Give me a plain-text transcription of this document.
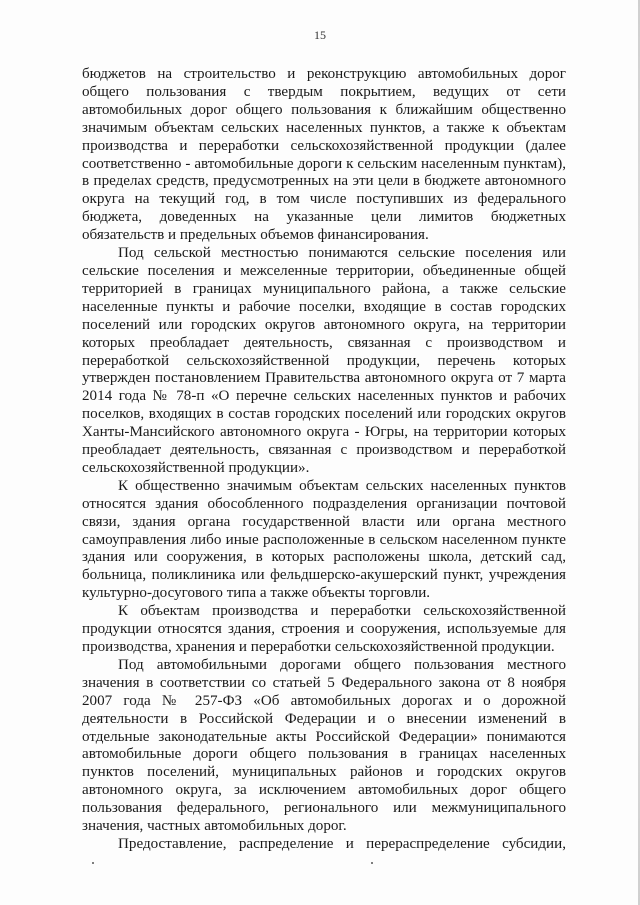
15

бюджетов на строительство и реконструкцию автомобильных дорог общего пользования с твердым покрытием, ведущих от сети автомобильных дорог общего пользования к ближайшим общественно значимым объектам сельских населенных пунктов, а также к объектам производства и переработки сельскохозяйственной продукции (далее соответственно - автомобильные дороги к сельским населенным пунктам), в пределах средств, предусмотренных на эти цели в бюджете автономного округа на текущий год, в том числе поступивших из федерального бюджета, доведенных на указанные цели лимитов бюджетных обязательств и предельных объемов финансирования.

Под сельской местностью понимаются сельские поселения или сельские поселения и межселенные территории, объединенные общей территорией в границах муниципального района, а также сельские населенные пункты и рабочие поселки, входящие в состав городских поселений или городских округов автономного округа, на территории которых преобладает деятельность, связанная с производством и переработкой сельскохозяйственной продукции, перечень которых утвержден постановлением Правительства автономного округа от 7 марта 2014 года № 78-п «О перечне сельских населенных пунктов и рабочих поселков, входящих в состав городских поселений или городских округов Ханты-Мансийского автономного округа - Югры, на территории которых преобладает деятельность, связанная с производством и переработкой сельскохозяйственной продукции».

К общественно значимым объектам сельских населенных пунктов относятся здания обособленного подразделения организации почтовой связи, здания органа государственной власти или органа местного самоуправления либо иные расположенные в сельском населенном пункте здания или сооружения, в которых расположены школа, детский сад, больница, поликлиника или фельдшерско-акушерский пункт, учреждения культурно-досугового типа а также объекты торговли.

К объектам производства и переработки сельскохозяйственной продукции относятся здания, строения и сооружения, используемые для производства, хранения и переработки сельскохозяйственной продукции.

Под автомобильными дорогами общего пользования местного значения в соответствии со статьей 5 Федерального закона от 8 ноября 2007 года № 257-ФЗ «Об автомобильных дорогах и о дорожной деятельности в Российской Федерации и о внесении изменений в отдельные законодательные акты Российской Федерации» понимаются автомобильные дороги общего пользования в границах населенных пунктов поселений, муниципальных районов и городских округов автономного округа, за исключением автомобильных дорог общего пользования федерального, регионального или межмуниципального значения, частных автомобильных дорог.

Предоставление, распределение и перераспределение субсидии,
